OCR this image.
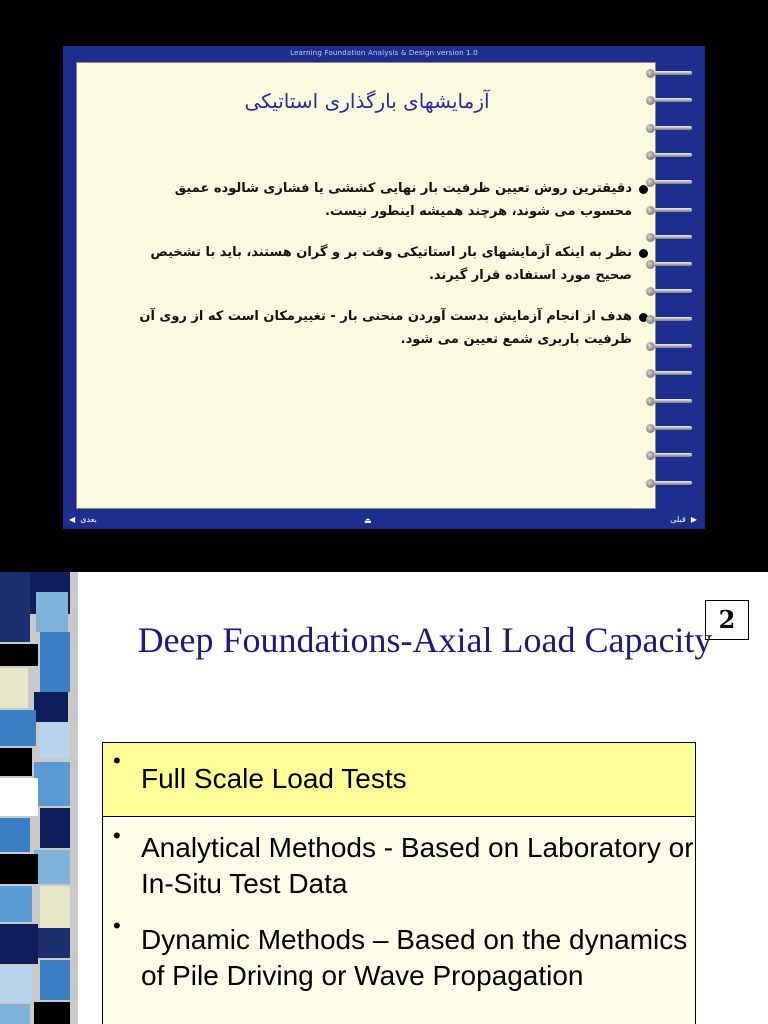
Learning Foundation Analysis & Design version 1.0
آزمایشهای بارگذاری استاتیکی
دقیقترین روش تعیین ظرفیت بار نهایی کششی یا فشاری شالوده عمیق محسوب می شوند، هرچند همیشه اینطور نیست.
نظر به اینکه آزمایشهای بار استاتیکی وقت بر و گران هستند، باید با تشخیص صحیح مورد استفاده قرار گیرند.
هدف از انجام آزمایش بدست آوردن منحنی بار - تغییرمکان است که از روی آن ظرفیت باربری شمع تعیین می شود.
◀ بعدی	⏏	قبلی ▶
2
Deep Foundations-Axial Load Capacity
•
Full Scale Load Tests
• Analytical Methods - Based on Laboratory or In-Situ Test Data
• Dynamic Methods – Based on the dynamics of Pile Driving or Wave Propagation
